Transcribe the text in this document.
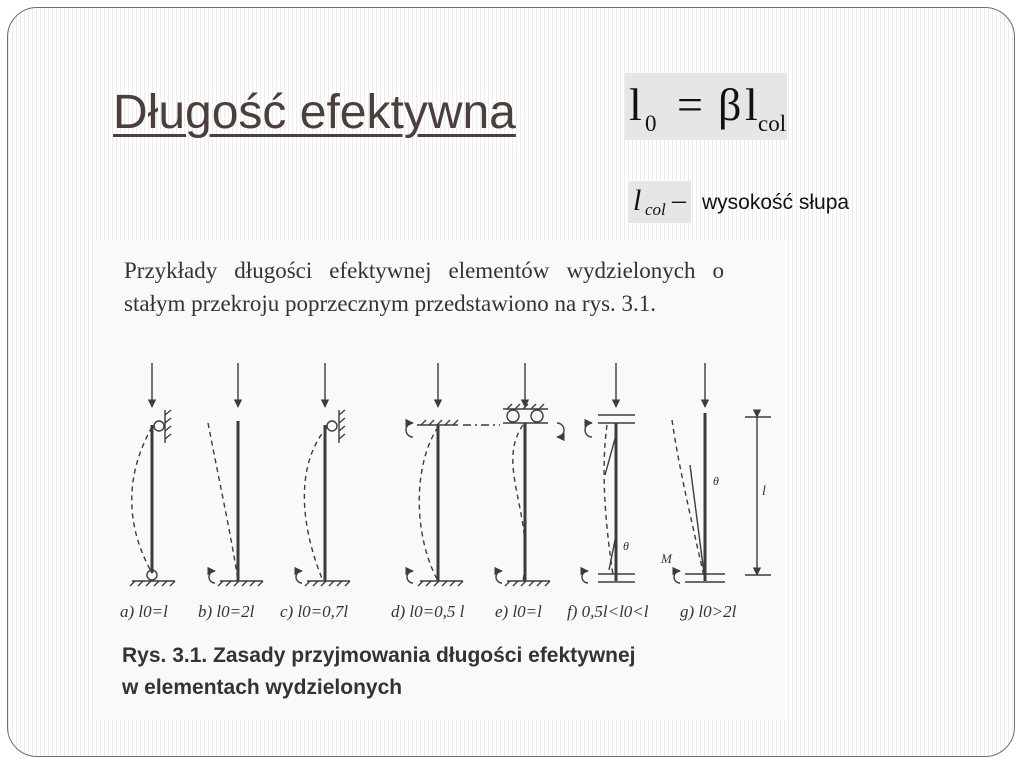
Długość efektywna l 0 = β l col
l col – wysokość słupa

Przykłady długości efektywnej elementów wydzielonych o stałym przekroju poprzecznym przedstawiono na rys. 3.1.

θ
θ
M
l
a) l0=l b) l0=2l c) l0=0,7l	d) l0=0,5 l e) l0=l f) 0,5l<l0<l g) l0>2l

Rys. 3.1. Zasady przyjmowania długości efektywnej
w elementach wydzielonych
